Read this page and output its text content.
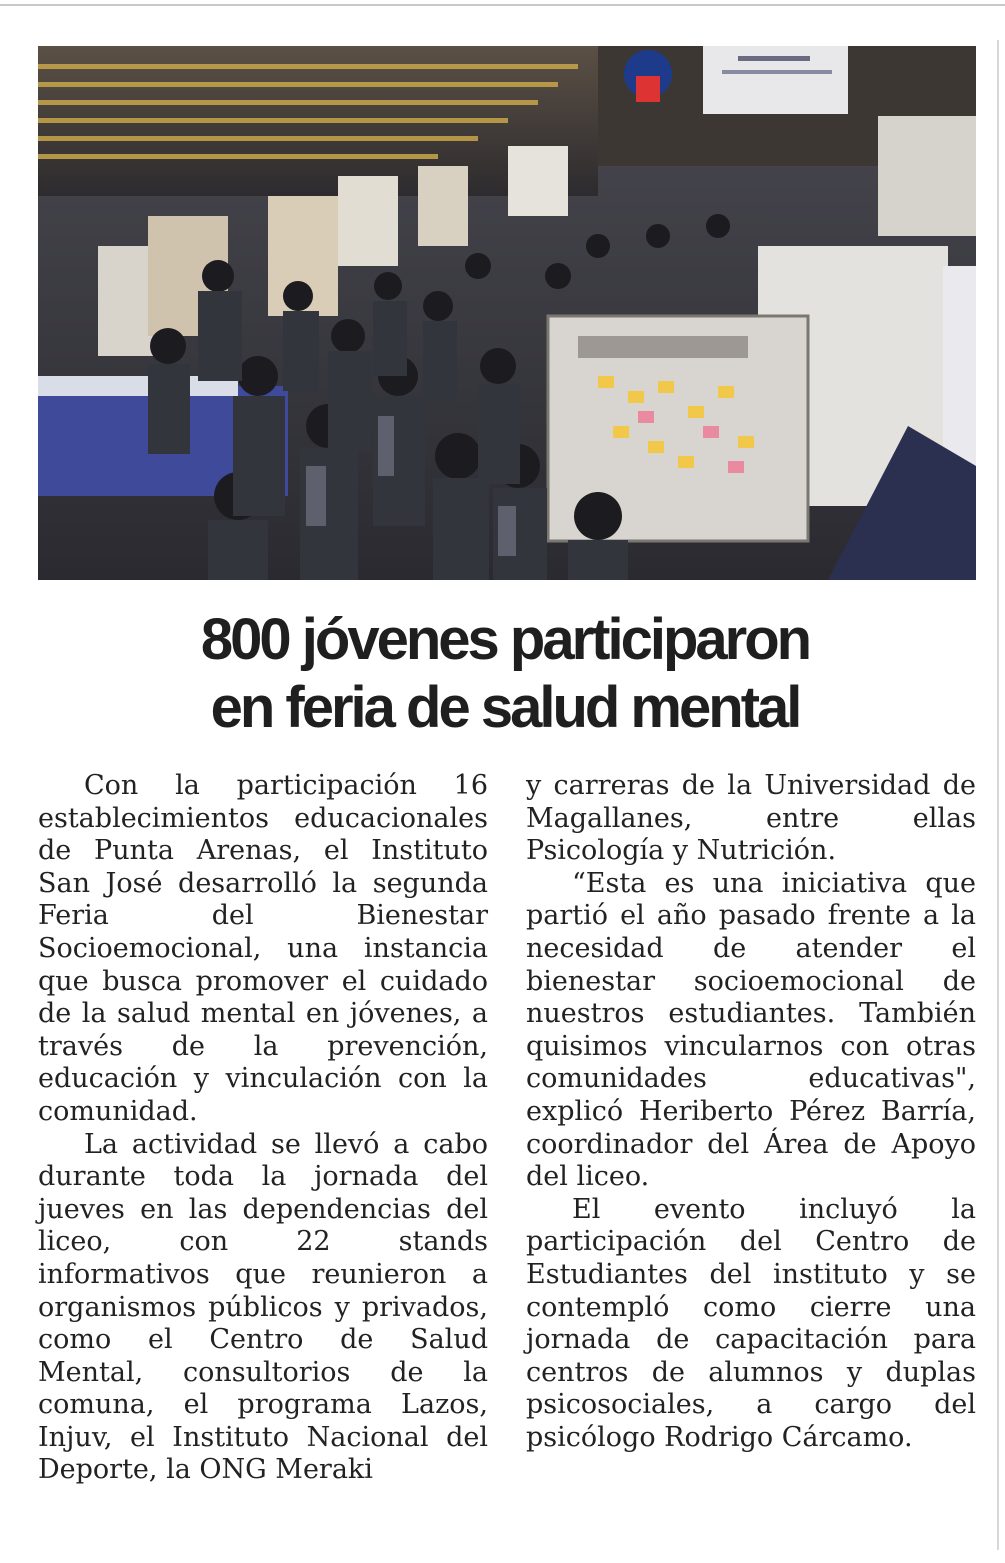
800 jóvenes participaron
en feria de salud mental

Con la participación 16 establecimientos educacionales de Punta Arenas, el Instituto San José desarrolló la segunda Feria del Bienestar Socioemocional, una instancia que busca promover el cuidado de la salud mental en jóvenes, a través de la prevención, educación y vinculación con la comunidad.

La actividad se llevó a cabo durante toda la jornada del jueves en las dependencias del liceo, con 22 stands informativos que reunieron a organismos públicos y privados, como el Centro de Salud Mental, consultorios de la comuna, el programa Lazos, Injuv, el Instituto Nacional del Deporte, la ONG Meraki

y carreras de la Universidad de Magallanes, entre ellas Psicología y Nutrición.

“Esta es una iniciativa que partió el año pasado frente a la necesidad de atender el bienestar socioemocional de nuestros estudiantes. También quisimos vincularnos con otras comunidades educativas", explicó Heriberto Pérez Barría, coordinador del Área de Apoyo del liceo.

El evento incluyó la participación del Centro de Estudiantes del instituto y se contempló como cierre una jornada de capacitación para centros de alumnos y duplas psicosociales, a cargo del psicólogo Rodrigo Cárcamo.
